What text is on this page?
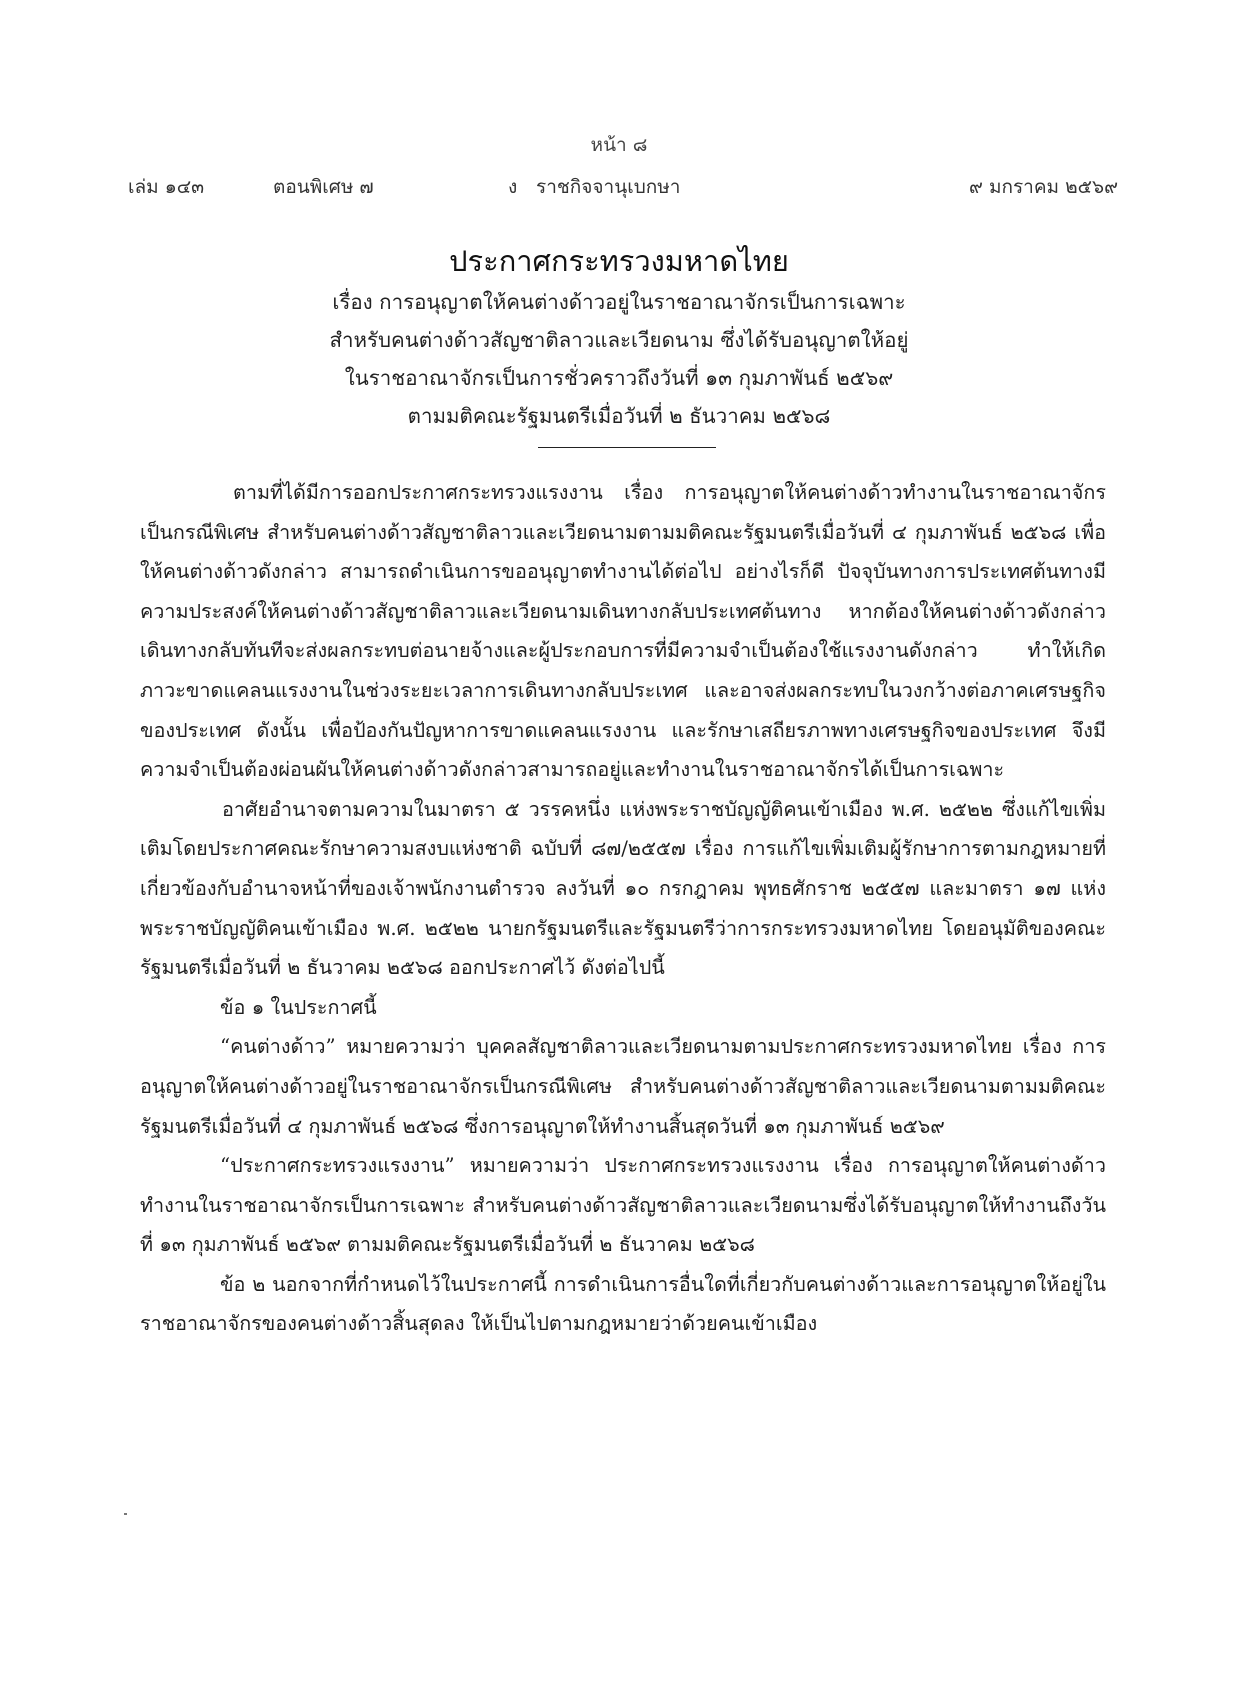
หน้า ๘
เล่ม ๑๔๓	ตอนพิเศษ ๗	ง ราชกิจจานุเบกษา	๙ มกราคม ๒๕๖๙
ประกาศกระทรวงมหาดไทย
เรื่อง การอนุญาตให้คนต่างด้าวอยู่ในราชอาณาจักรเป็นการเฉพาะ
สำหรับคนต่างด้าวสัญชาติลาวและเวียดนาม ซึ่งได้รับอนุญาตให้อยู่
ในราชอาณาจักรเป็นการชั่วคราวถึงวันที่ ๑๓ กุมภาพันธ์ ๒๕๖๙
ตามมติคณะรัฐมนตรีเมื่อวันที่ ๒ ธันวาคม ๒๕๖๘

ตามที่ได้มีการออกประกาศกระทรวงแรงงาน เรื่อง การอนุญาตให้คนต่างด้าวทำงานในราชอาณาจักรเป็นกรณีพิเศษ สำหรับคนต่างด้าวสัญชาติลาวและเวียดนามตามมติคณะรัฐมนตรีเมื่อวันที่ ๔ กุมภาพันธ์ ๒๕๖๘ เพื่อให้คนต่างด้าวดังกล่าว สามารถดำเนินการขออนุญาตทำงานได้ต่อไป อย่างไรก็ดี ปัจจุบันทางการประเทศต้นทางมีความประสงค์ให้คนต่างด้าวสัญชาติลาวและเวียดนามเดินทางกลับประเทศต้นทาง หากต้องให้คนต่างด้าวดังกล่าวเดินทางกลับทันทีจะส่งผลกระทบต่อนายจ้างและผู้ประกอบการที่มีความจำเป็นต้องใช้แรงงานดังกล่าว ทำให้เกิดภาวะขาดแคลนแรงงานในช่วงระยะเวลาการเดินทางกลับประเทศ และอาจส่งผลกระทบในวงกว้างต่อภาคเศรษฐกิจของประเทศ ดังนั้น เพื่อป้องกันปัญหาการขาดแคลนแรงงาน และรักษาเสถียรภาพทางเศรษฐกิจของประเทศ จึงมีความจำเป็นต้องผ่อนผันให้คนต่างด้าวดังกล่าวสามารถอยู่และทำงานในราชอาณาจักรได้เป็นการเฉพาะ

อาศัยอำนาจตามความในมาตรา ๕ วรรคหนึ่ง แห่งพระราชบัญญัติคนเข้าเมือง พ.ศ. ๒๕๒๒ ซึ่งแก้ไขเพิ่มเติมโดยประกาศคณะรักษาความสงบแห่งชาติ ฉบับที่ ๘๗/๒๕๕๗ เรื่อง การแก้ไขเพิ่มเติมผู้รักษาการตามกฎหมายที่เกี่ยวข้องกับอำนาจหน้าที่ของเจ้าพนักงานตำรวจ ลงวันที่ ๑๐ กรกฎาคม พุทธศักราช ๒๕๕๗ และมาตรา ๑๗ แห่งพระราชบัญญัติคนเข้าเมือง พ.ศ. ๒๕๒๒ นายกรัฐมนตรีและรัฐมนตรีว่าการกระทรวงมหาดไทย โดยอนุมัติของคณะรัฐมนตรีเมื่อวันที่ ๒ ธันวาคม ๒๕๖๘ ออกประกาศไว้ ดังต่อไปนี้

ข้อ ๑ ในประกาศนี้

“คนต่างด้าว” หมายความว่า บุคคลสัญชาติลาวและเวียดนามตามประกาศกระทรวงมหาดไทย เรื่อง การอนุญาตให้คนต่างด้าวอยู่ในราชอาณาจักรเป็นกรณีพิเศษ สำหรับคนต่างด้าวสัญชาติลาวและเวียดนามตามมติคณะรัฐมนตรีเมื่อวันที่ ๔ กุมภาพันธ์ ๒๕๖๘ ซึ่งการอนุญาตให้ทำงานสิ้นสุดวันที่ ๑๓ กุมภาพันธ์ ๒๕๖๙

“ประกาศกระทรวงแรงงาน” หมายความว่า ประกาศกระทรวงแรงงาน เรื่อง การอนุญาตให้คนต่างด้าวทำงานในราชอาณาจักรเป็นการเฉพาะ สำหรับคนต่างด้าวสัญชาติลาวและเวียดนามซึ่งได้รับอนุญาตให้ทำงานถึงวันที่ ๑๓ กุมภาพันธ์ ๒๕๖๙ ตามมติคณะรัฐมนตรีเมื่อวันที่ ๒ ธันวาคม ๒๕๖๘

ข้อ ๒ นอกจากที่กำหนดไว้ในประกาศนี้ การดำเนินการอื่นใดที่เกี่ยวกับคนต่างด้าวและการอนุญาตให้อยู่ในราชอาณาจักรของคนต่างด้าวสิ้นสุดลง ให้เป็นไปตามกฎหมายว่าด้วยคนเข้าเมือง
